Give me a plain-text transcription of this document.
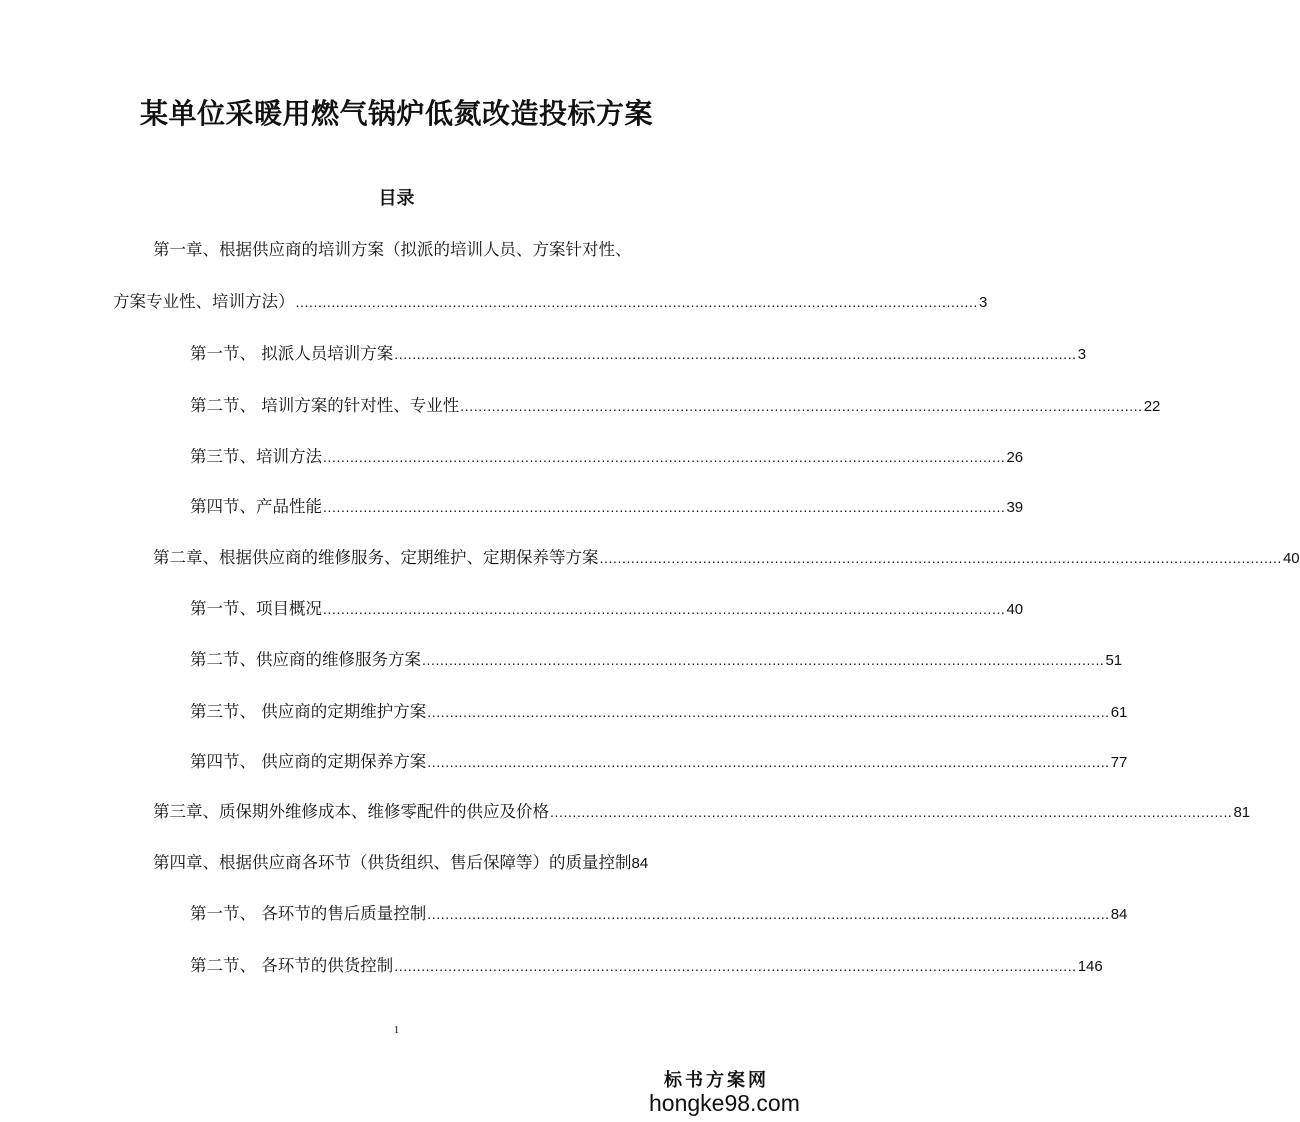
某单位采暖用燃气锅炉低氮改造投标方案
目录
第一章、根据供应商的培训方案（拟派的培训人员、方案针对性、
方案专业性、培训方法） ........................................................................................................................................................ 3
第一节、 拟派人员培训方案 ........................................................................................................................................................ 3
第二节、 培训方案的针对性、专业性 ........................................................................................................................................................ 22
第三节、培训方法 ........................................................................................................................................................ 26
第四节、产品性能 ........................................................................................................................................................ 39
第二章、根据供应商的维修服务、定期维护、定期保养等方案 ........................................................................................................................................................ 40
第一节、项目概况 ........................................................................................................................................................ 40
第二节、供应商的维修服务方案 ........................................................................................................................................................ 51
第三节、 供应商的定期维护方案 ........................................................................................................................................................ 61
第四节、 供应商的定期保养方案 ........................................................................................................................................................ 77
第三章、质保期外维修成本、维修零配件的供应及价格 ........................................................................................................................................................ 81
第四章、根据供应商各环节（供货组织、售后保障等）的质量控制 84
第一节、 各环节的售后质量控制 ........................................................................................................................................................ 84
第二节、 各环节的供货控制 ........................................................................................................................................................ 146
1
标书方案网
hongke98.com
